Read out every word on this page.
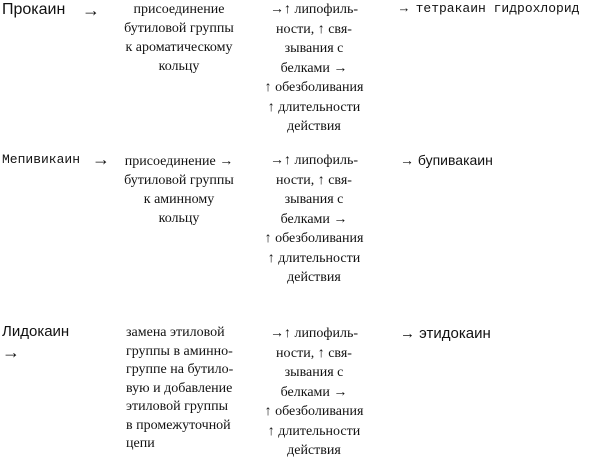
Прокаин →	присоединение
бутиловой группы
к ароматическому
кольцу
→↑ липофиль-
ности, ↑ свя-
зывания с
белками →
↑ обезболивания
↑ длительности
действия
→ тетракаин гидрохлорид
Мепивикаин →	присоединение →
бутиловой группы
к аминному
кольцу
→↑ липофиль-
ности, ↑ свя-
зывания с
белками →
↑ обезболивания
↑ длительности
действия
→ бупивакаин
Лидокаин
→
замена этиловой
группы в аминно-
группе на бутило-
вую и добавление
этиловой группы
в промежуточной
цепи
→↑ липофиль-
ности, ↑ свя-
зывания с
белками →
↑ обезболивания
↑ длительности
действия
→ этидокаин
